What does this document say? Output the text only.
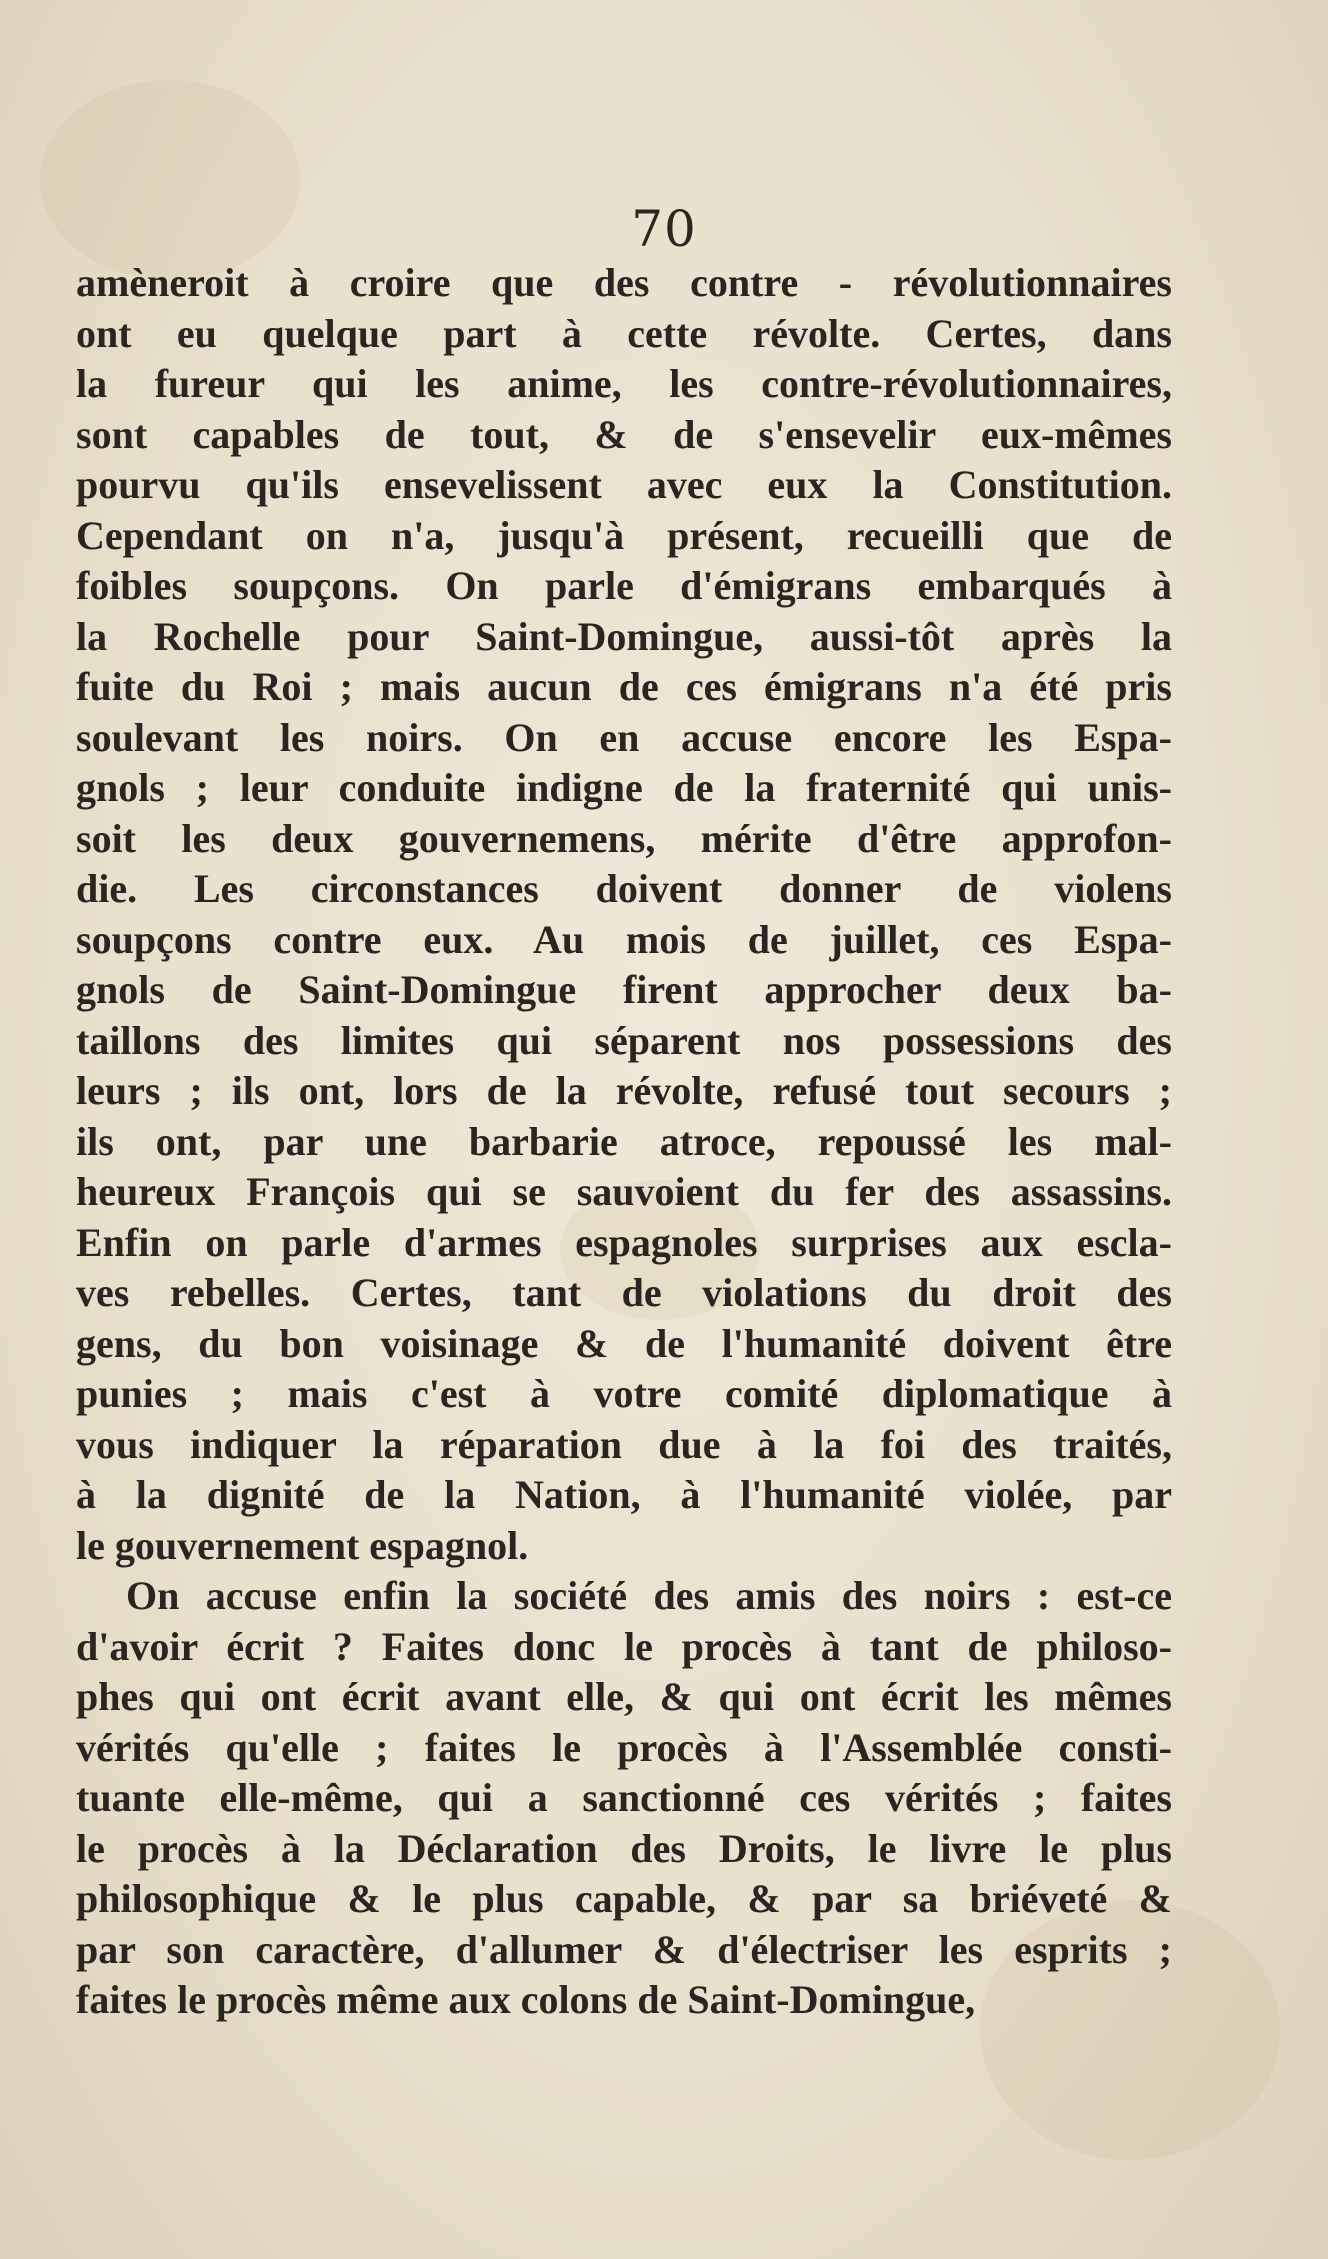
70
amèneroit à croire que des contre - révolutionnaires
ont eu quelque part à cette révolte. Certes, dans
la fureur qui les anime, les contre-révolutionnaires,
sont capables de tout, & de s'ensevelir eux-mêmes
pourvu qu'ils ensevelissent avec eux la Constitution.
Cependant on n'a, jusqu'à présent, recueilli que de
foibles soupçons. On parle d'émigrans embarqués à
la Rochelle pour Saint-Domingue, aussi-tôt après la
fuite du Roi ; mais aucun de ces émigrans n'a été pris
soulevant les noirs. On en accuse encore les Espa-
gnols ; leur conduite indigne de la fraternité qui unis-
soit les deux gouvernemens, mérite d'être approfon-
die. Les circonstances doivent donner de violens
soupçons contre eux. Au mois de juillet, ces Espa-
gnols de Saint-Domingue firent approcher deux ba-
taillons des limites qui séparent nos possessions des
leurs ; ils ont, lors de la révolte, refusé tout secours ;
ils ont, par une barbarie atroce, repoussé les mal-
heureux François qui se sauvoient du fer des assassins.
Enfin on parle d'armes espagnoles surprises aux escla-
ves rebelles. Certes, tant de violations du droit des
gens, du bon voisinage & de l'humanité doivent être
punies ; mais c'est à votre comité diplomatique à
vous indiquer la réparation due à la foi des traités,
à la dignité de la Nation, à l'humanité violée, par
le gouvernement espagnol.
On accuse enfin la société des amis des noirs : est-ce
d'avoir écrit ? Faites donc le procès à tant de philoso-
phes qui ont écrit avant elle, & qui ont écrit les mêmes
vérités qu'elle ; faites le procès à l'Assemblée consti-
tuante elle-même, qui a sanctionné ces vérités ; faites
le procès à la Déclaration des Droits, le livre le plus
philosophique & le plus capable, & par sa briéveté &
par son caractère, d'allumer & d'électriser les esprits ;
faites le procès même aux colons de Saint-Domingue,
